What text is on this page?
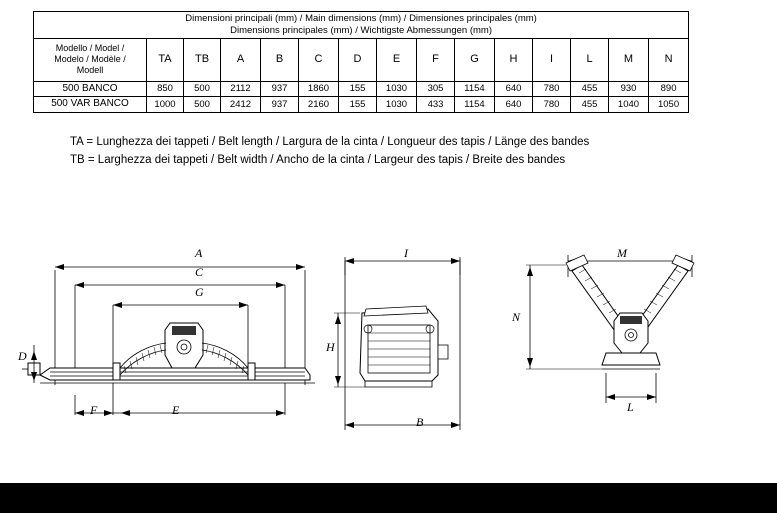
Dimensioni principali (mm) / Main dimensions (mm) / Dimensiones principales (mm)
Dimensions principales (mm) / Wichtigste Abmessungen (mm)														

Modello / Model /
Modelo / Modèle /
Modell	TA	TB	A	B	C	D	E	F	G	H	I	L	M	N
500 BANCO	850	500	2112	937	1860	155	1030	305	1154	640	780	455	930	890
500 VAR BANCO	1000	500	2412	937	2160	155	1030	433	1154	640	780	455	1040	1050
TA = Lunghezza dei tappeti / Belt length / Largura de la cinta / Longueur des tapis / Länge des bandes
TB = Larghezza dei tappeti / Belt width / Ancho de la cinta / Largeur des tapis / Breite des bandes
A
C
G
D
F	E
I
H
B
M
N
L
